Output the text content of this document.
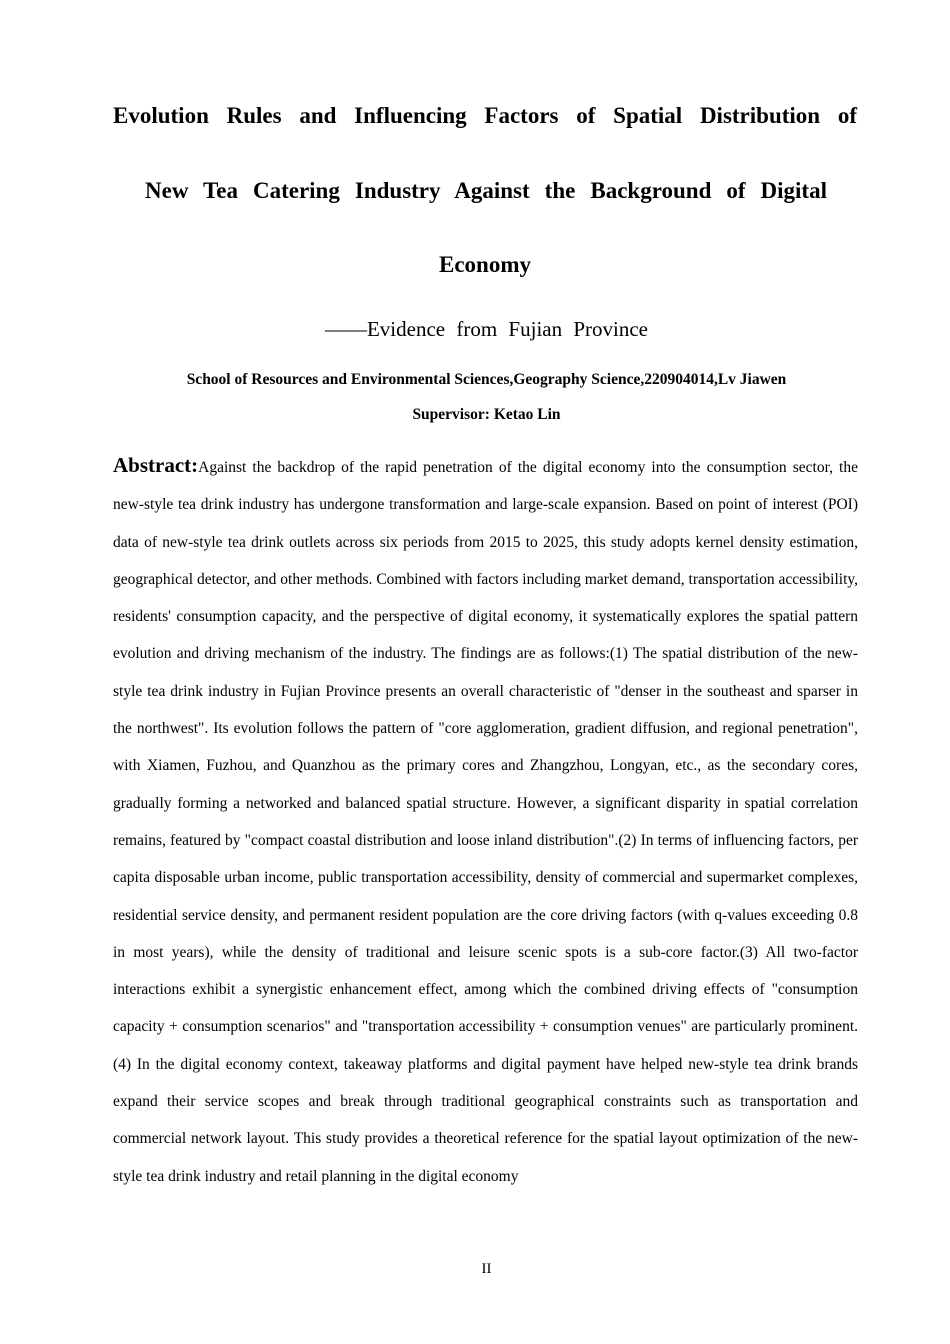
Evolution Rules and Influencing Factors of Spatial Distribution of
New Tea Catering Industry Against the Background of Digital
Economy
——Evidence from Fujian Province
School of Resources and Environmental Sciences,Geography Science,220904014,Lv Jiawen
Supervisor: Ketao Lin

Abstract:Against the backdrop of the rapid penetration of the digital economy into the consumption sector, the new-style tea drink industry has undergone transformation and large-scale expansion. Based on point of interest (POI) data of new-style tea drink outlets across six periods from 2015 to 2025, this study adopts kernel density estimation, geographical detector, and other methods. Combined with factors including market demand, transportation accessibility, residents' consumption capacity, and the perspective of digital economy, it systematically explores the spatial pattern evolution and driving mechanism of the industry. The findings are as follows:(1) The spatial distribution of the new-style tea drink industry in Fujian Province presents an overall characteristic of "denser in the southeast and sparser in the northwest". Its evolution follows the pattern of "core agglomeration, gradient diffusion, and regional penetration", with Xiamen, Fuzhou, and Quanzhou as the primary cores and Zhangzhou, Longyan, etc., as the secondary cores, gradually forming a networked and balanced spatial structure. However, a significant disparity in spatial correlation remains, featured by "compact coastal distribution and loose inland distribution".(2) In terms of influencing factors, per capita disposable urban income, public transportation accessibility, density of commercial and supermarket complexes, residential service density, and permanent resident population are the core driving factors (with q-values exceeding 0.8 in most years), while the density of traditional and leisure scenic spots is a sub-core factor.(3) All two-factor interactions exhibit a synergistic enhancement effect, among which the combined driving effects of "consumption capacity + consumption scenarios" and "transportation accessibility + consumption venues" are particularly prominent.(4) In the digital economy context, takeaway platforms and digital payment have helped new-style tea drink brands expand their service scopes and break through traditional geographical constraints such as transportation and commercial network layout. This study provides a theoretical reference for the spatial layout optimization of the new-style tea drink industry and retail planning in the digital economy

II
